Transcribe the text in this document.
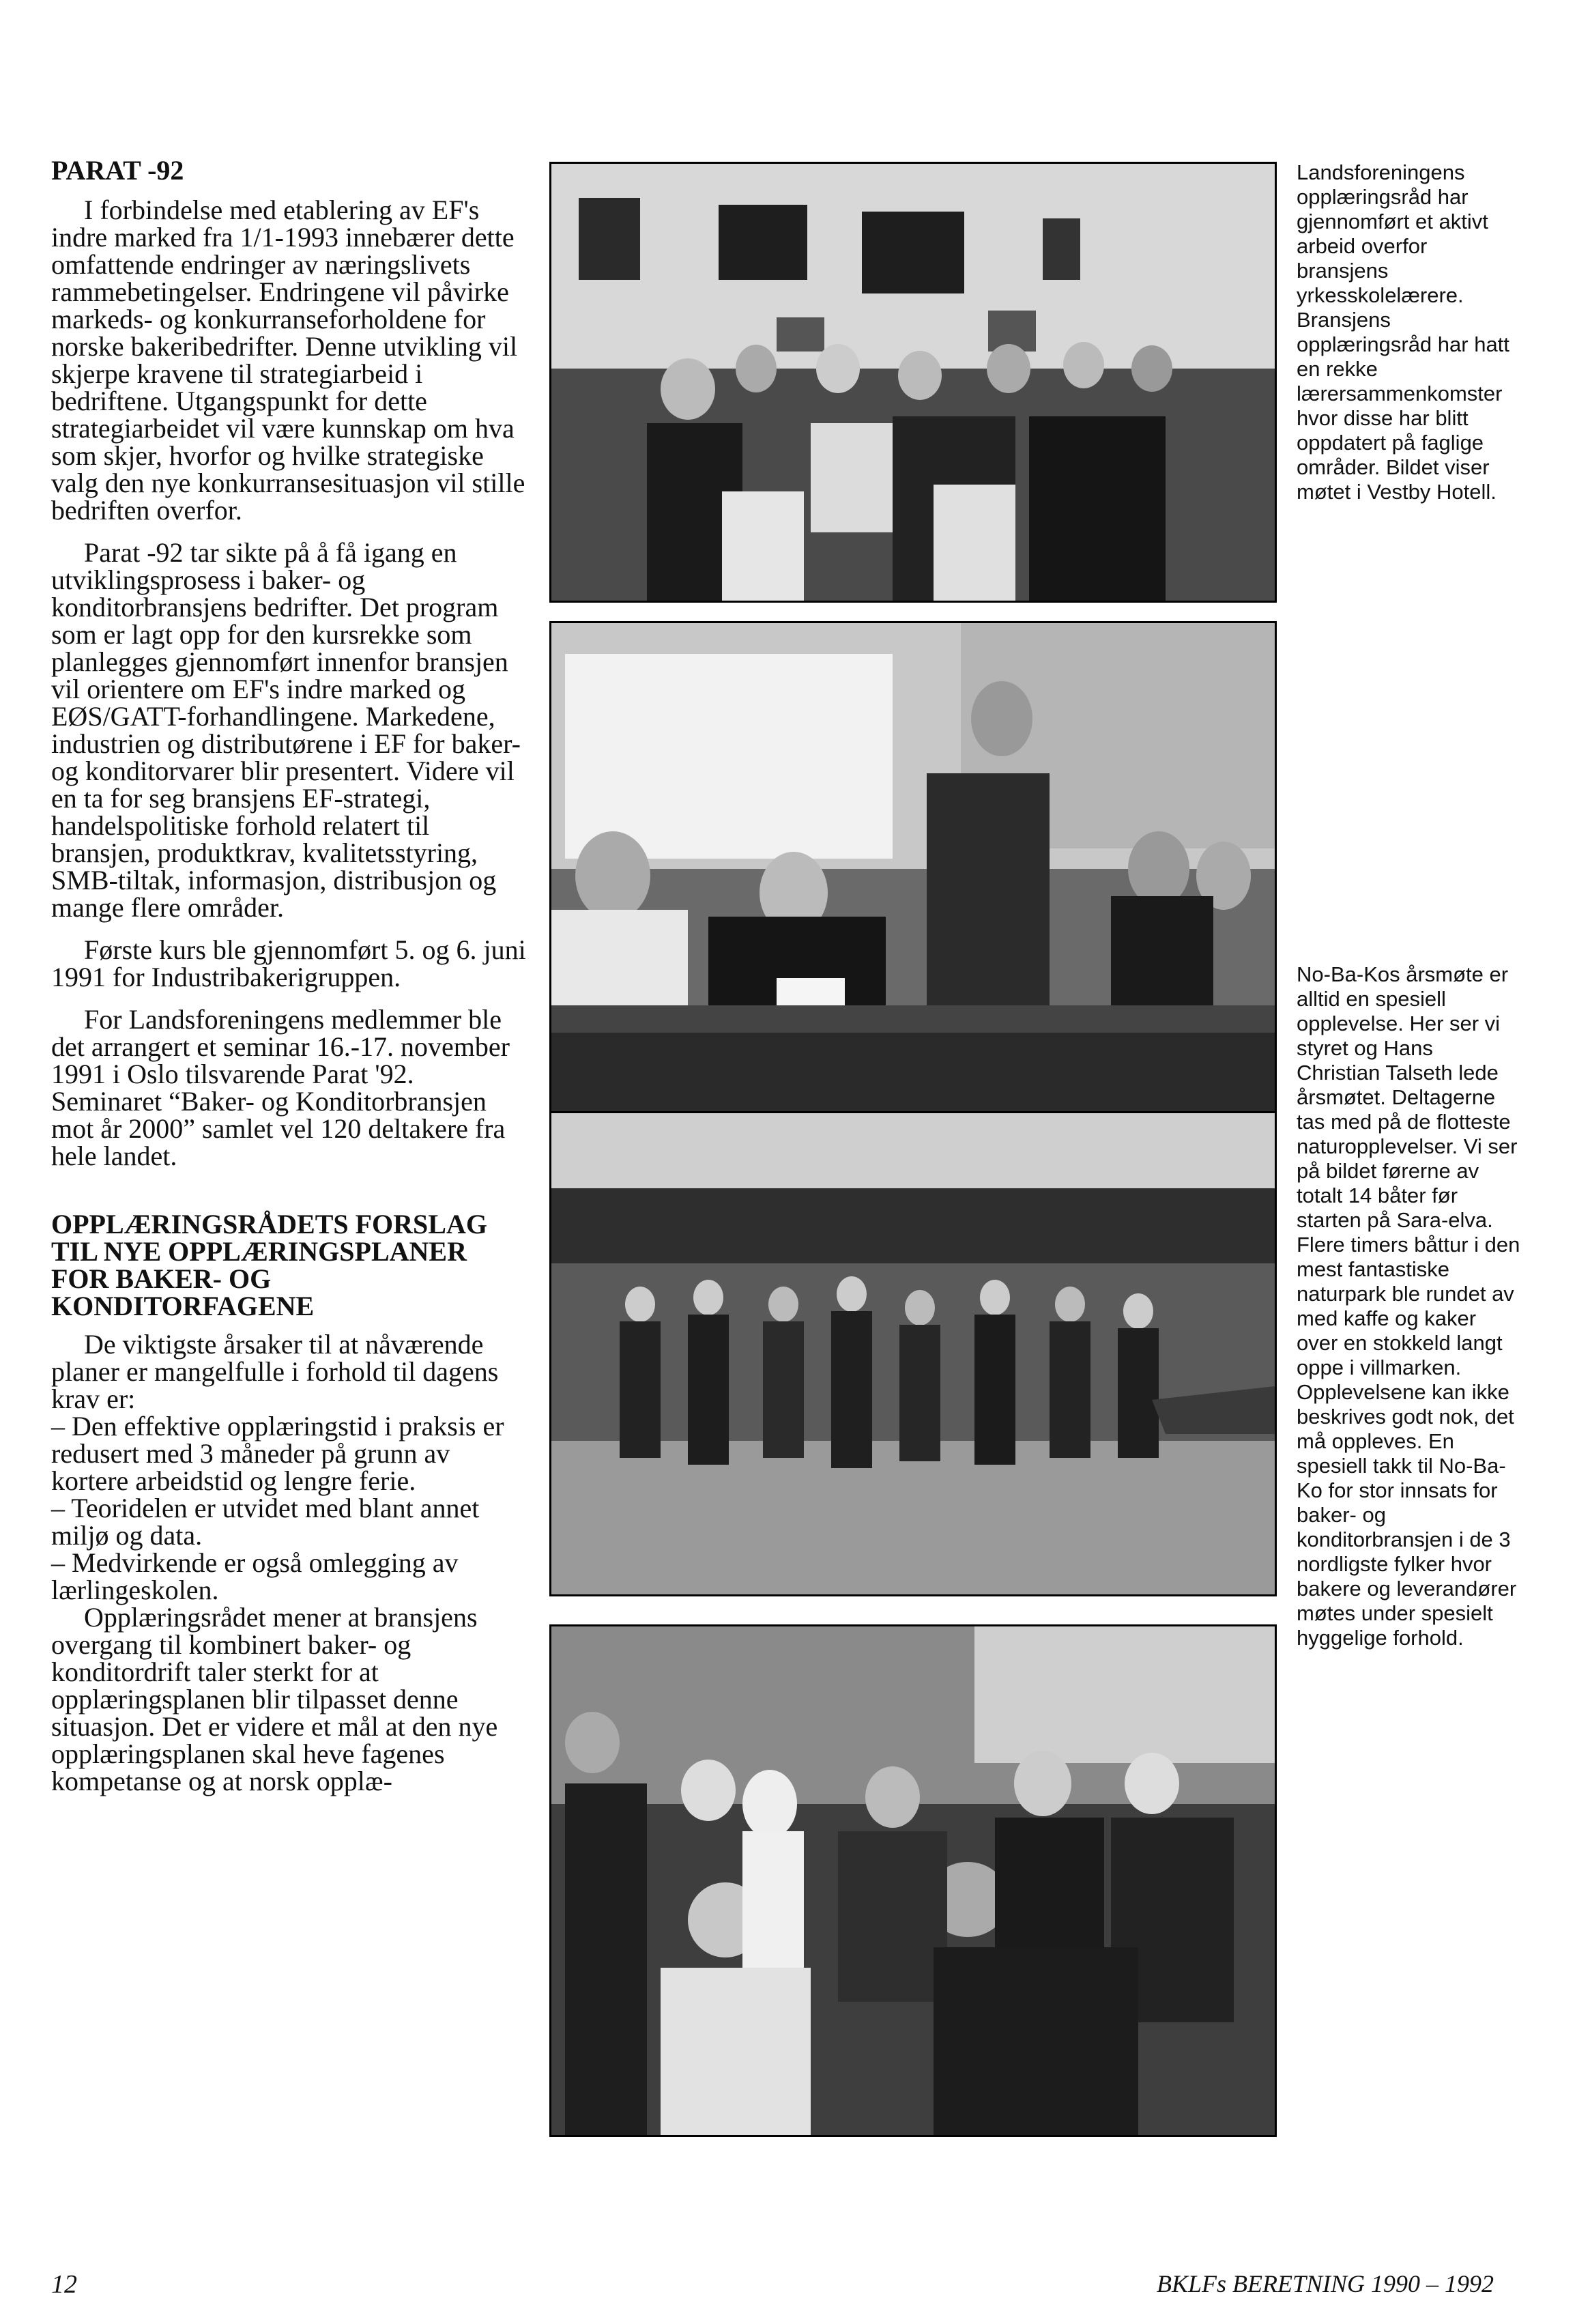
PARAT -92

I forbindelse med etablering av EF's indre marked fra 1/1-1993 innebærer dette omfattende endringer av næringslivets rammebetingelser. Endringene vil påvirke markeds- og konkurranseforholdene for norske bakeribedrifter. Denne utvikling vil skjerpe kravene til strategiarbeid i bedriftene. Utgangspunkt for dette strategiarbeidet vil være kunnskap om hva som skjer, hvorfor og hvilke strategiske valg den nye konkurransesituasjon vil stille bedriften overfor.

Parat -92 tar sikte på å få igang en utviklingsprosess i baker- og konditorbransjens bedrifter. Det program som er lagt opp for den kursrekke som planlegges gjennomført innenfor bransjen vil orientere om EF's indre marked og EØS/GATT-forhandlingene. Markedene, industrien og distributørene i EF for baker- og konditorvarer blir presentert. Videre vil en ta for seg bransjens EF-strategi, handelspolitiske forhold relatert til bransjen, produktkrav, kvalitetsstyring, SMB-tiltak, informasjon, distribusjon og mange flere områder.

Første kurs ble gjennomført 5. og 6. juni 1991 for Industribakerigruppen.

For Landsforeningens medlemmer ble det arrangert et seminar 16.-17. november 1991 i Oslo tilsvarende Parat '92. Seminaret “Baker- og Konditorbransjen mot år 2000” samlet vel 120 deltakere fra hele landet.

OPPLÆRINGSRÅDETS FORSLAG TIL NYE OPPLÆRINGSPLANER FOR BAKER- OG KONDITORFAGENE

De viktigste årsaker til at nåværende planer er mangelfulle i forhold til dagens krav er:

– Den effektive opplæringstid i praksis er redusert med 3 måneder på grunn av kortere arbeidstid og lengre ferie.

– Teoridelen er utvidet med blant annet miljø og data.

– Medvirkende er også omlegging av lærlingeskolen.

Opplæringsrådet mener at bransjens overgang til kombinert baker- og konditordrift taler sterkt for at opplæringsplanen blir tilpasset denne situasjon. Det er videre et mål at den nye opplæringsplanen skal heve fagenes kompetanse og at norsk opplæ-

Landsforeningens opplæringsråd har gjennomført et aktivt arbeid overfor bransjens yrkesskolelærere. Bransjens opplæringsråd har hatt en rekke lærersammenkomster hvor disse har blitt oppdatert på faglige områder. Bildet viser møtet i Vestby Hotell.
No-Ba-Kos årsmøte er alltid en spesiell opplevelse. Her ser vi styret og Hans Christian Talseth lede årsmøtet. Deltagerne tas med på de flotteste naturopplevelser. Vi ser på bildet førerne av totalt 14 båter før starten på Sara-elva. Flere timers båttur i den mest fantastiske naturpark ble rundet av med kaffe og kaker over en stokkeld langt oppe i villmarken. Opplevelsene kan ikke beskrives godt nok, det må oppleves. En spesiell takk til No-Ba-Ko for stor innsats for baker- og konditorbransjen i de 3 nordligste fylker hvor bakere og leverandører møtes under spesielt hyggelige forhold.
12	BKLFs BERETNING 1990 – 1992
